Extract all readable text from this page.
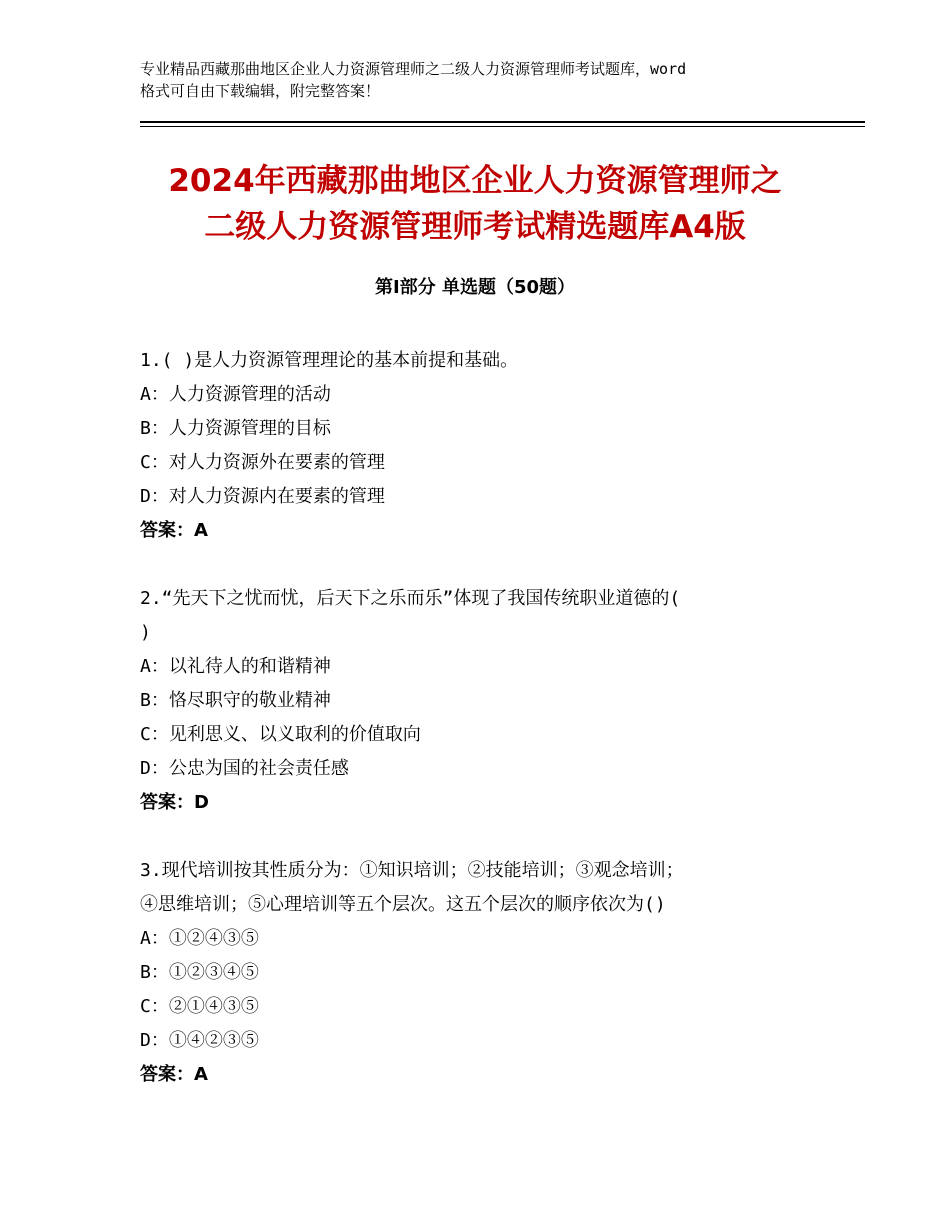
专业精品西藏那曲地区企业人力资源管理师之二级人力资源管理师考试题库，word
格式可自由下载编辑，附完整答案！
2024年西藏那曲地区企业人力资源管理师之
二级人力资源管理师考试精选题库A4版
第Ⅰ部分 单选题（50题）
1.( )是人力资源管理理论的基本前提和基础。
A：人力资源管理的活动
B：人力资源管理的目标
C：对人力资源外在要素的管理
D：对人力资源内在要素的管理
答案：A
2.“先天下之忧而忧，后天下之乐而乐”体现了我国传统职业道德的(
)
A：以礼待人的和谐精神
B：恪尽职守的敬业精神
C：见利思义、以义取利的价值取向
D：公忠为国的社会责任感
答案：D
3.现代培训按其性质分为：①知识培训；②技能培训；③观念培训；
④思维培训；⑤心理培训等五个层次。这五个层次的顺序依次为()
A：①②④③⑤
B：①②③④⑤
C：②①④③⑤
D：①④②③⑤
答案：A
